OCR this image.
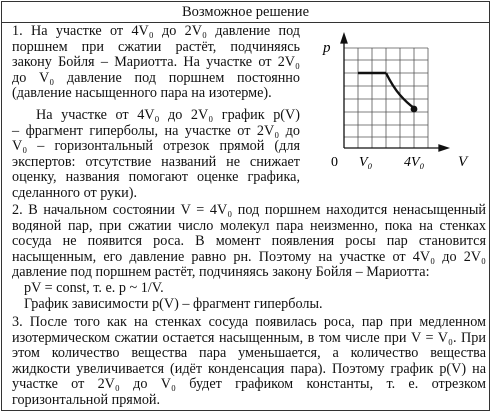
Возможное решение
1. На участке от 4V₀ до 2V₀ давление под
поршнем при сжатии растёт, подчиняясь
закону Бойля – Мариотта. На участке от 2V₀
до V₀ давление под поршнем постоянно
(давление насыщенного пара на изотерме).
На участке от 4V₀ до 2V₀ график p(V)
– фрагмент гиперболы, на участке от 2V₀ до
V₀ – горизонтальный отрезок прямой (для
экспертов: отсутствие названий не снижает
оценку, названия помогают оценке графика,
сделанного от руки).
2. В начальном состоянии V = 4V₀ под поршнем находится ненасыщенный
водяной пар, при сжатии число молекул пара неизменно, пока на стенках
сосуда не появится роса. В момент появления росы пар становится
насыщенным, его давление равно pн. Поэтому на участке от 4V₀ до 2V₀
давление под поршнем растёт, подчиняясь закону Бойля – Мариотта:
pV = const, т. е. p ~ 1/V.
График зависимости p(V) – фрагмент гиперболы.
3. После того как на стенках сосуда появилась роса, пар при медленном
изотермическом сжатии остается насыщенным, в том числе при V = V₀. При
этом количество вещества пара уменьшается, а количество вещества
жидкости увеличивается (идёт конденсация пара). Поэтому график p(V) на
участке от 2V₀ до V₀ будет графиком константы, т. е. отрезком
горизонтальной прямой.
p
V
0 V₀ 4V₀
